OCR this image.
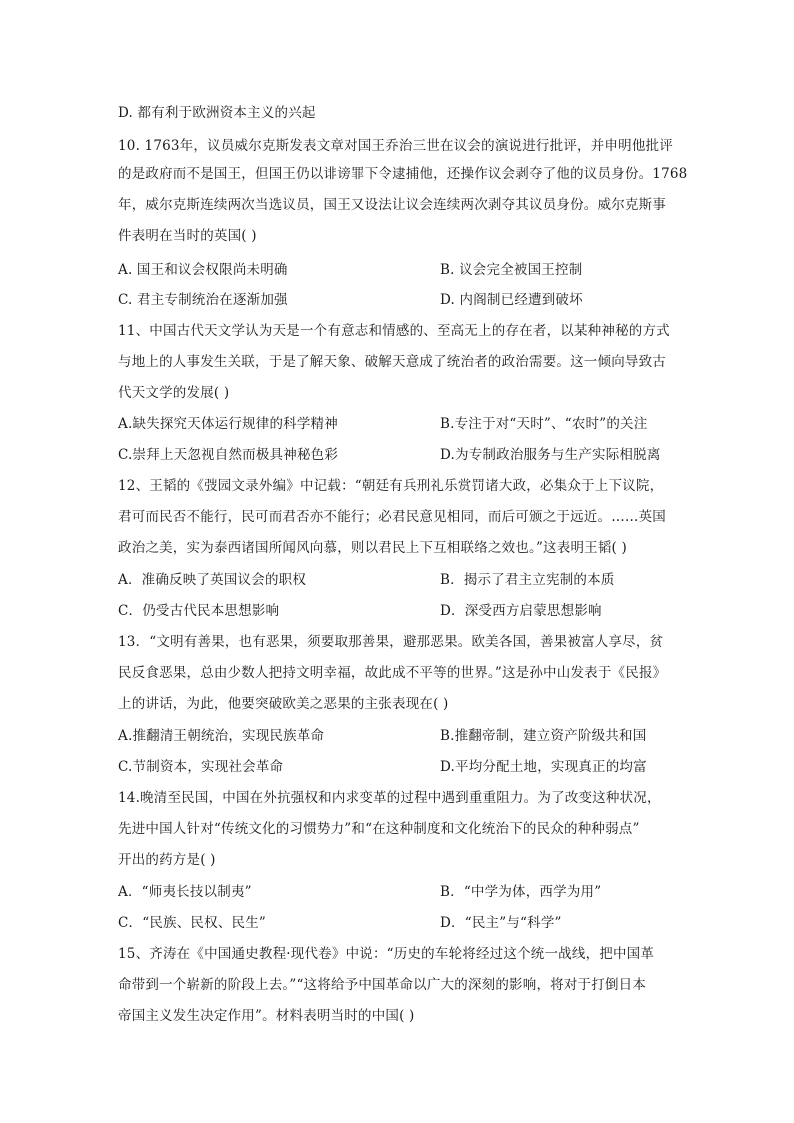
D. 都有利于欧洲资本主义的兴起
10. 1763年，议员威尔克斯发表文章对国王乔治三世在议会的演说进行批评，并申明他批评
的是政府而不是国王，但国王仍以诽谤罪下令逮捕他，还操作议会剥夺了他的议员身份。1768
年，威尔克斯连续两次当选议员，国王又设法让议会连续两次剥夺其议员身份。威尔克斯事
件表明在当时的英国( )
A. 国王和议会权限尚未明确	B. 议会完全被国王控制
C. 君主专制统治在逐渐加强	D. 内阁制已经遭到破坏
11、中国古代天文学认为天是一个有意志和情感的、至高无上的存在者，以某种神秘的方式
与地上的人事发生关联，于是了解天象、破解天意成了统治者的政治需要。这一倾向导致古
代天文学的发展( )
A.缺失探究天体运行规律的科学精神	B.专注于对“天时”、“农时”的关注
C.崇拜上天忽视自然而极具神秘色彩	D.为专制政治服务与生产实际相脱离
12、王韬的《弢园文录外编》中记载：“朝廷有兵刑礼乐赏罚诸大政，必集众于上下议院，
君可而民否不能行，民可而君否亦不能行；必君民意见相同，而后可颁之于远近。……英国
政治之美，实为泰西诸国所闻风向慕，则以君民上下互相联络之效也。”这表明王韬( )
A．准确反映了英国议会的职权	B．揭示了君主立宪制的本质
C．仍受古代民本思想影响	D．深受西方启蒙思想影响
13．“文明有善果，也有恶果，须要取那善果，避那恶果。欧美各国，善果被富人享尽，贫
民反食恶果，总由少数人把持文明幸福，故此成不平等的世界。”这是孙中山发表于《民报》
上的讲话，为此，他要突破欧美之恶果的主张表现在( )
A.推翻清王朝统治，实现民族革命	B.推翻帝制，建立资产阶级共和国
C.节制资本，实现社会革命	D.平均分配土地，实现真正的均富
14.晚清至民国，中国在外抗强权和内求变革的过程中遇到重重阻力。为了改变这种状况，
先进中国人针对“传统文化的习惯势力”和“在这种制度和文化统治下的民众的种种弱点”
开出的药方是( )
A．“师夷长技以制夷”	B．“中学为体，西学为用”
C．“民族、民权、民生”	D．“民主”与“科学”
15、齐涛在《中国通史教程·现代卷》中说：“历史的车轮将经过这个统一战线，把中国革
命带到一个崭新的阶段上去。”“这将给予中国革命以广大的深刻的影响，将对于打倒日本
帝国主义发生决定作用”。材料表明当时的中国( )
